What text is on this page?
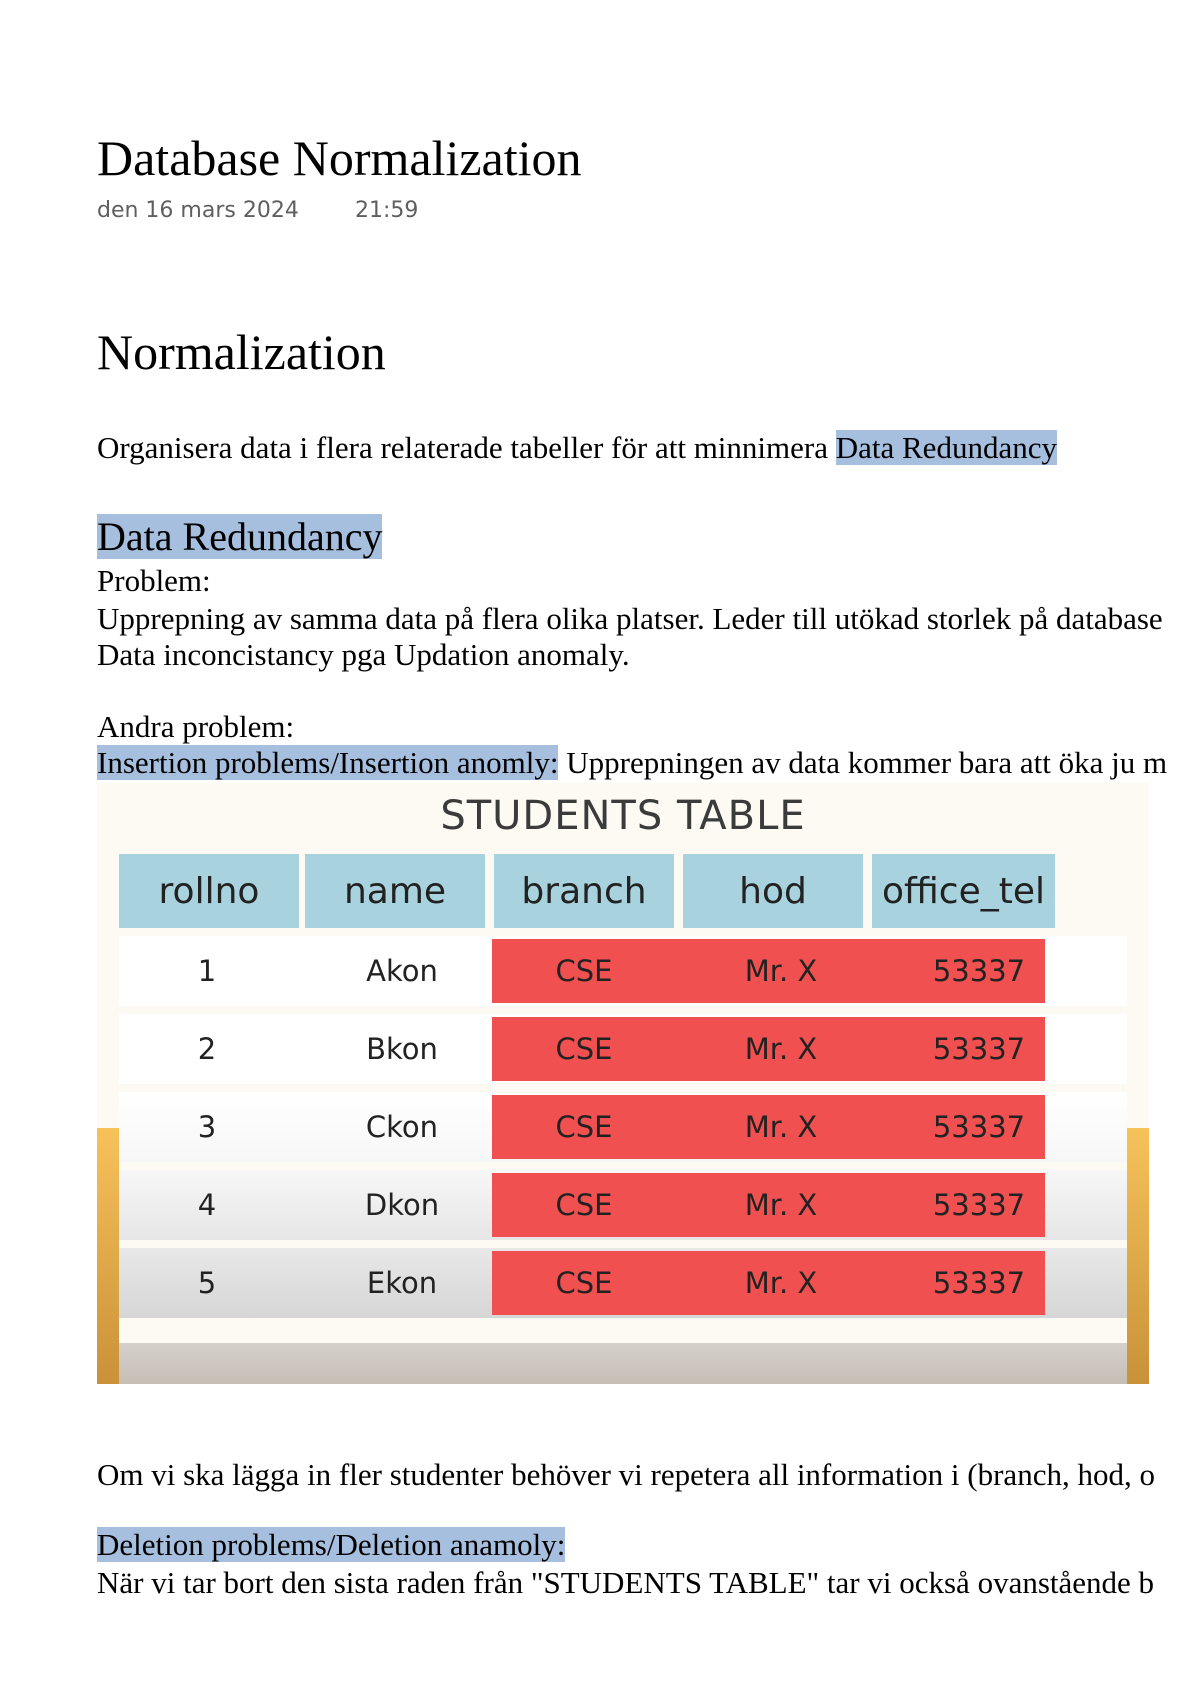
Database Normalization
den 16 mars 2024	21:59
Normalization
Organisera data i flera relaterade tabeller för att minnimera Data Redundancy
Data Redundancy
Problem:
Upprepning av samma data på flera olika platser. Leder till utökad storlek på database
Data inconcistancy pga Updation anomaly.
Andra problem:
Insertion problems/Insertion anomly: Upprepningen av data kommer bara att öka ju m
STUDENTS TABLE
rollno	name	branch	hod	office_tel
1	Akon	CSE	Mr. X	53337
2	Bkon	CSE	Mr. X	53337
3	Ckon	CSE	Mr. X	53337
4	Dkon	CSE	Mr. X	53337
5	Ekon	CSE	Mr. X	53337
Om vi ska lägga in fler studenter behöver vi repetera all information i (branch, hod, o
Deletion problems/Deletion anamoly:
När vi tar bort den sista raden från "STUDENTS TABLE" tar vi också ovanstående b
